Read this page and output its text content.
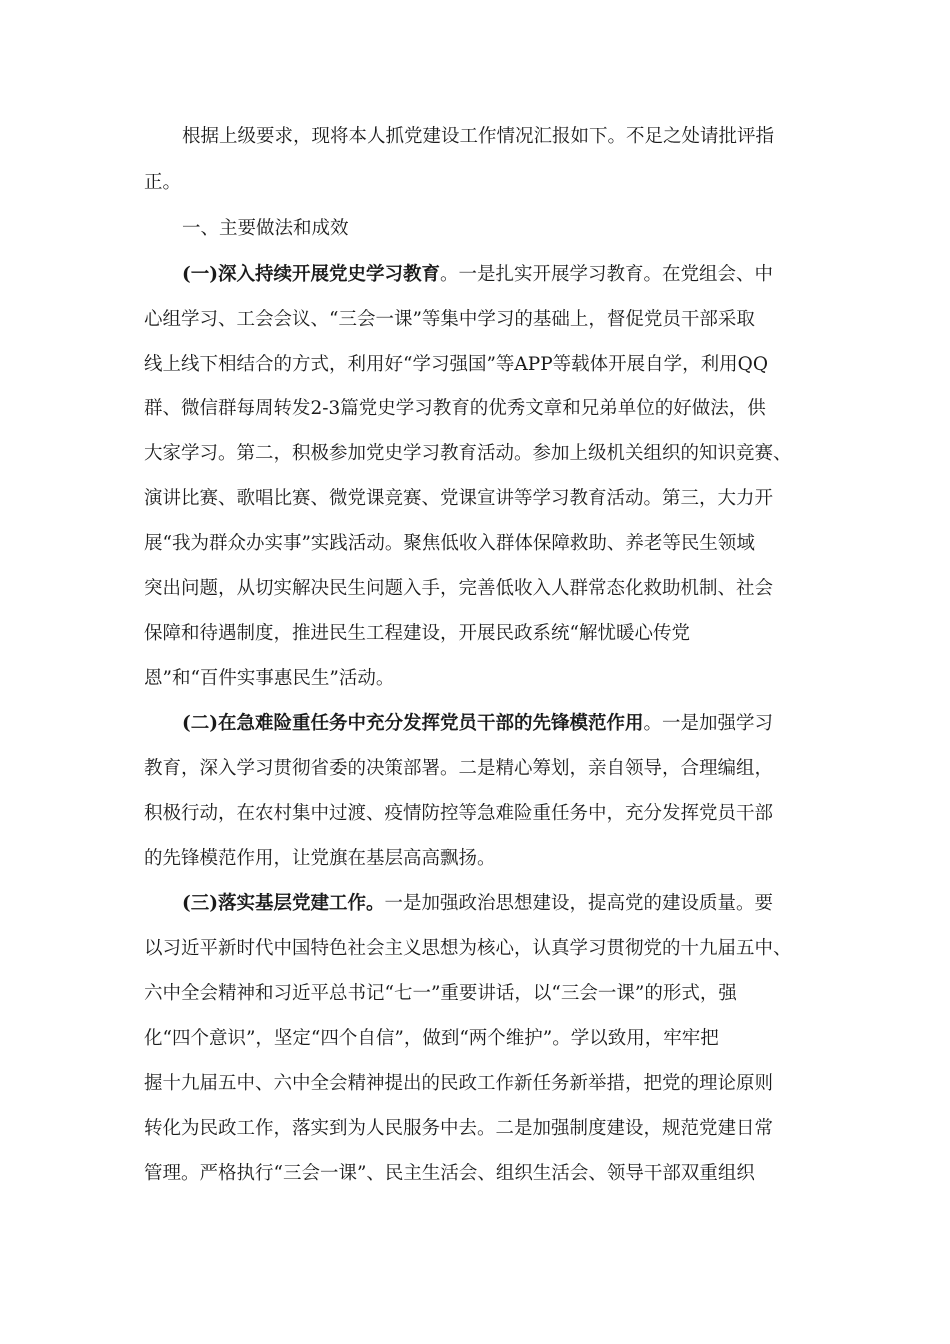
根据上级要求，现将本人抓党建设工作情况汇报如下。不足之处请批评指
正。
一、主要做法和成效
(一)深入持续开展党史学习教育。一是扎实开展学习教育。在党组会、中
心组学习、工会会议、“三会一课”等集中学习的基础上，督促党员干部采取
线上线下相结合的方式，利用好“学习强国”等APP等载体开展自学，利用QQ
群、微信群每周转发2-3篇党史学习教育的优秀文章和兄弟单位的好做法，供
大家学习。第二，积极参加党史学习教育活动。参加上级机关组织的知识竞赛、
演讲比赛、歌唱比赛、微党课竞赛、党课宣讲等学习教育活动。第三，大力开
展“我为群众办实事”实践活动。聚焦低收入群体保障救助、养老等民生领域
突出问题，从切实解决民生问题入手，完善低收入人群常态化救助机制、社会
保障和待遇制度，推进民生工程建设，开展民政系统“解忧暖心传党
恩”和“百件实事惠民生”活动。
(二)在急难险重任务中充分发挥党员干部的先锋模范作用。一是加强学习
教育，深入学习贯彻省委的决策部署。二是精心筹划，亲自领导，合理编组，
积极行动，在农村集中过渡、疫情防控等急难险重任务中，充分发挥党员干部
的先锋模范作用，让党旗在基层高高飘扬。
(三)落实基层党建工作。一是加强政治思想建设，提高党的建设质量。要
以习近平新时代中国特色社会主义思想为核心，认真学习贯彻党的十九届五中、
六中全会精神和习近平总书记“七一”重要讲话，以“三会一课”的形式，强
化“四个意识”，坚定“四个自信”，做到“两个维护”。学以致用，牢牢把
握十九届五中、六中全会精神提出的民政工作新任务新举措，把党的理论原则
转化为民政工作，落实到为人民服务中去。二是加强制度建设，规范党建日常
管理。严格执行“三会一课”、民主生活会、组织生活会、领导干部双重组织
